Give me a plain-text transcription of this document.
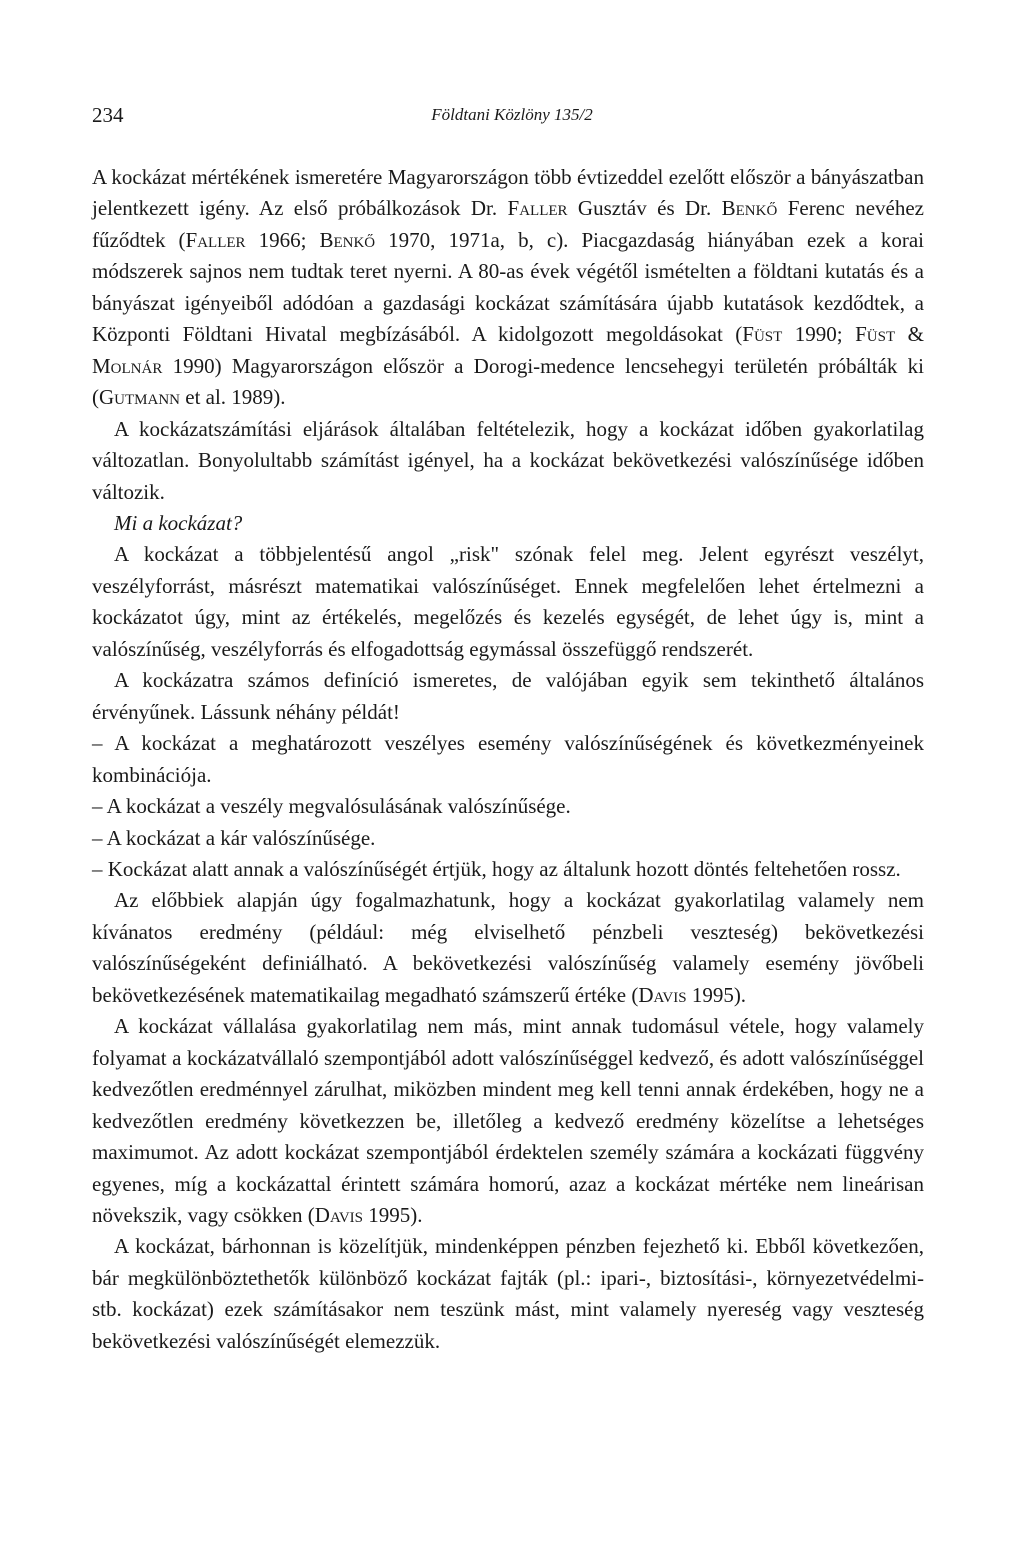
234	Földtani Közlöny 135/2

A kockázat mértékének ismeretére Magyarországon több évtizeddel ezelőtt először a bányászatban jelentkezett igény. Az első próbálkozások Dr. Faller Gusztáv és Dr. Benkő Ferenc nevéhez fűződtek (Faller 1966; Benkő 1970, 1971a, b, c). Piacgazdaság hiányában ezek a korai módszerek sajnos nem tudtak teret nyerni. A 80-as évek végétől ismételten a földtani kutatás és a bányászat igényeiből adódóan a gazdasági kockázat számítására újabb kutatások kezdődtek, a Központi Földtani Hivatal megbízásából. A kidolgozott megoldásokat (Füst 1990; Füst & Molnár 1990) Magyarországon először a Dorogi-medence lencsehegyi területén próbálták ki (Gutmann et al. 1989).

A kockázatszámítási eljárások általában feltételezik, hogy a kockázat időben gyakorlatilag változatlan. Bonyolultabb számítást igényel, ha a kockázat bekövetkezési valószínűsége időben változik.

Mi a kockázat?

A kockázat a többjelentésű angol „risk" szónak felel meg. Jelent egyrészt veszélyt, veszélyforrást, másrészt matematikai valószínűséget. Ennek megfelelően lehet értelmezni a kockázatot úgy, mint az értékelés, megelőzés és kezelés egységét, de lehet úgy is, mint a valószínűség, veszélyforrás és elfogadottság egymással összefüggő rendszerét.

A kockázatra számos definíció ismeretes, de valójában egyik sem tekinthető általános érvényűnek. Lássunk néhány példát!

– A kockázat a meghatározott veszélyes esemény valószínűségének és következményeinek kombinációja.

– A kockázat a veszély megvalósulásának valószínűsége.

– A kockázat a kár valószínűsége.

– Kockázat alatt annak a valószínűségét értjük, hogy az általunk hozott döntés feltehetően rossz.

Az előbbiek alapján úgy fogalmazhatunk, hogy a kockázat gyakorlatilag valamely nem kívánatos eredmény (például: még elviselhető pénzbeli veszteség) bekövetkezési valószínűségeként definiálható. A bekövetkezési valószínűség valamely esemény jövőbeli bekövetkezésének matematikailag megadható számszerű értéke (Davis 1995).

A kockázat vállalása gyakorlatilag nem más, mint annak tudomásul vétele, hogy valamely folyamat a kockázatvállaló szempontjából adott valószínűséggel kedvező, és adott valószínűséggel kedvezőtlen eredménnyel zárulhat, miközben mindent meg kell tenni annak érdekében, hogy ne a kedvezőtlen eredmény következzen be, illetőleg a kedvező eredmény közelítse a lehetséges maximumot. Az adott kockázat szempontjából érdektelen személy számára a kockázati függvény egyenes, míg a kockázattal érintett számára homorú, azaz a kockázat mértéke nem lineárisan növekszik, vagy csökken (Davis 1995).

A kockázat, bárhonnan is közelítjük, mindenképpen pénzben fejezhető ki. Ebből következően, bár megkülönböztethetők különböző kockázat fajták (pl.: ipari-, biztosítási-, környezetvédelmi- stb. kockázat) ezek számításakor nem teszünk mást, mint valamely nyereség vagy veszteség bekövetkezési valószínűségét elemezzük.
